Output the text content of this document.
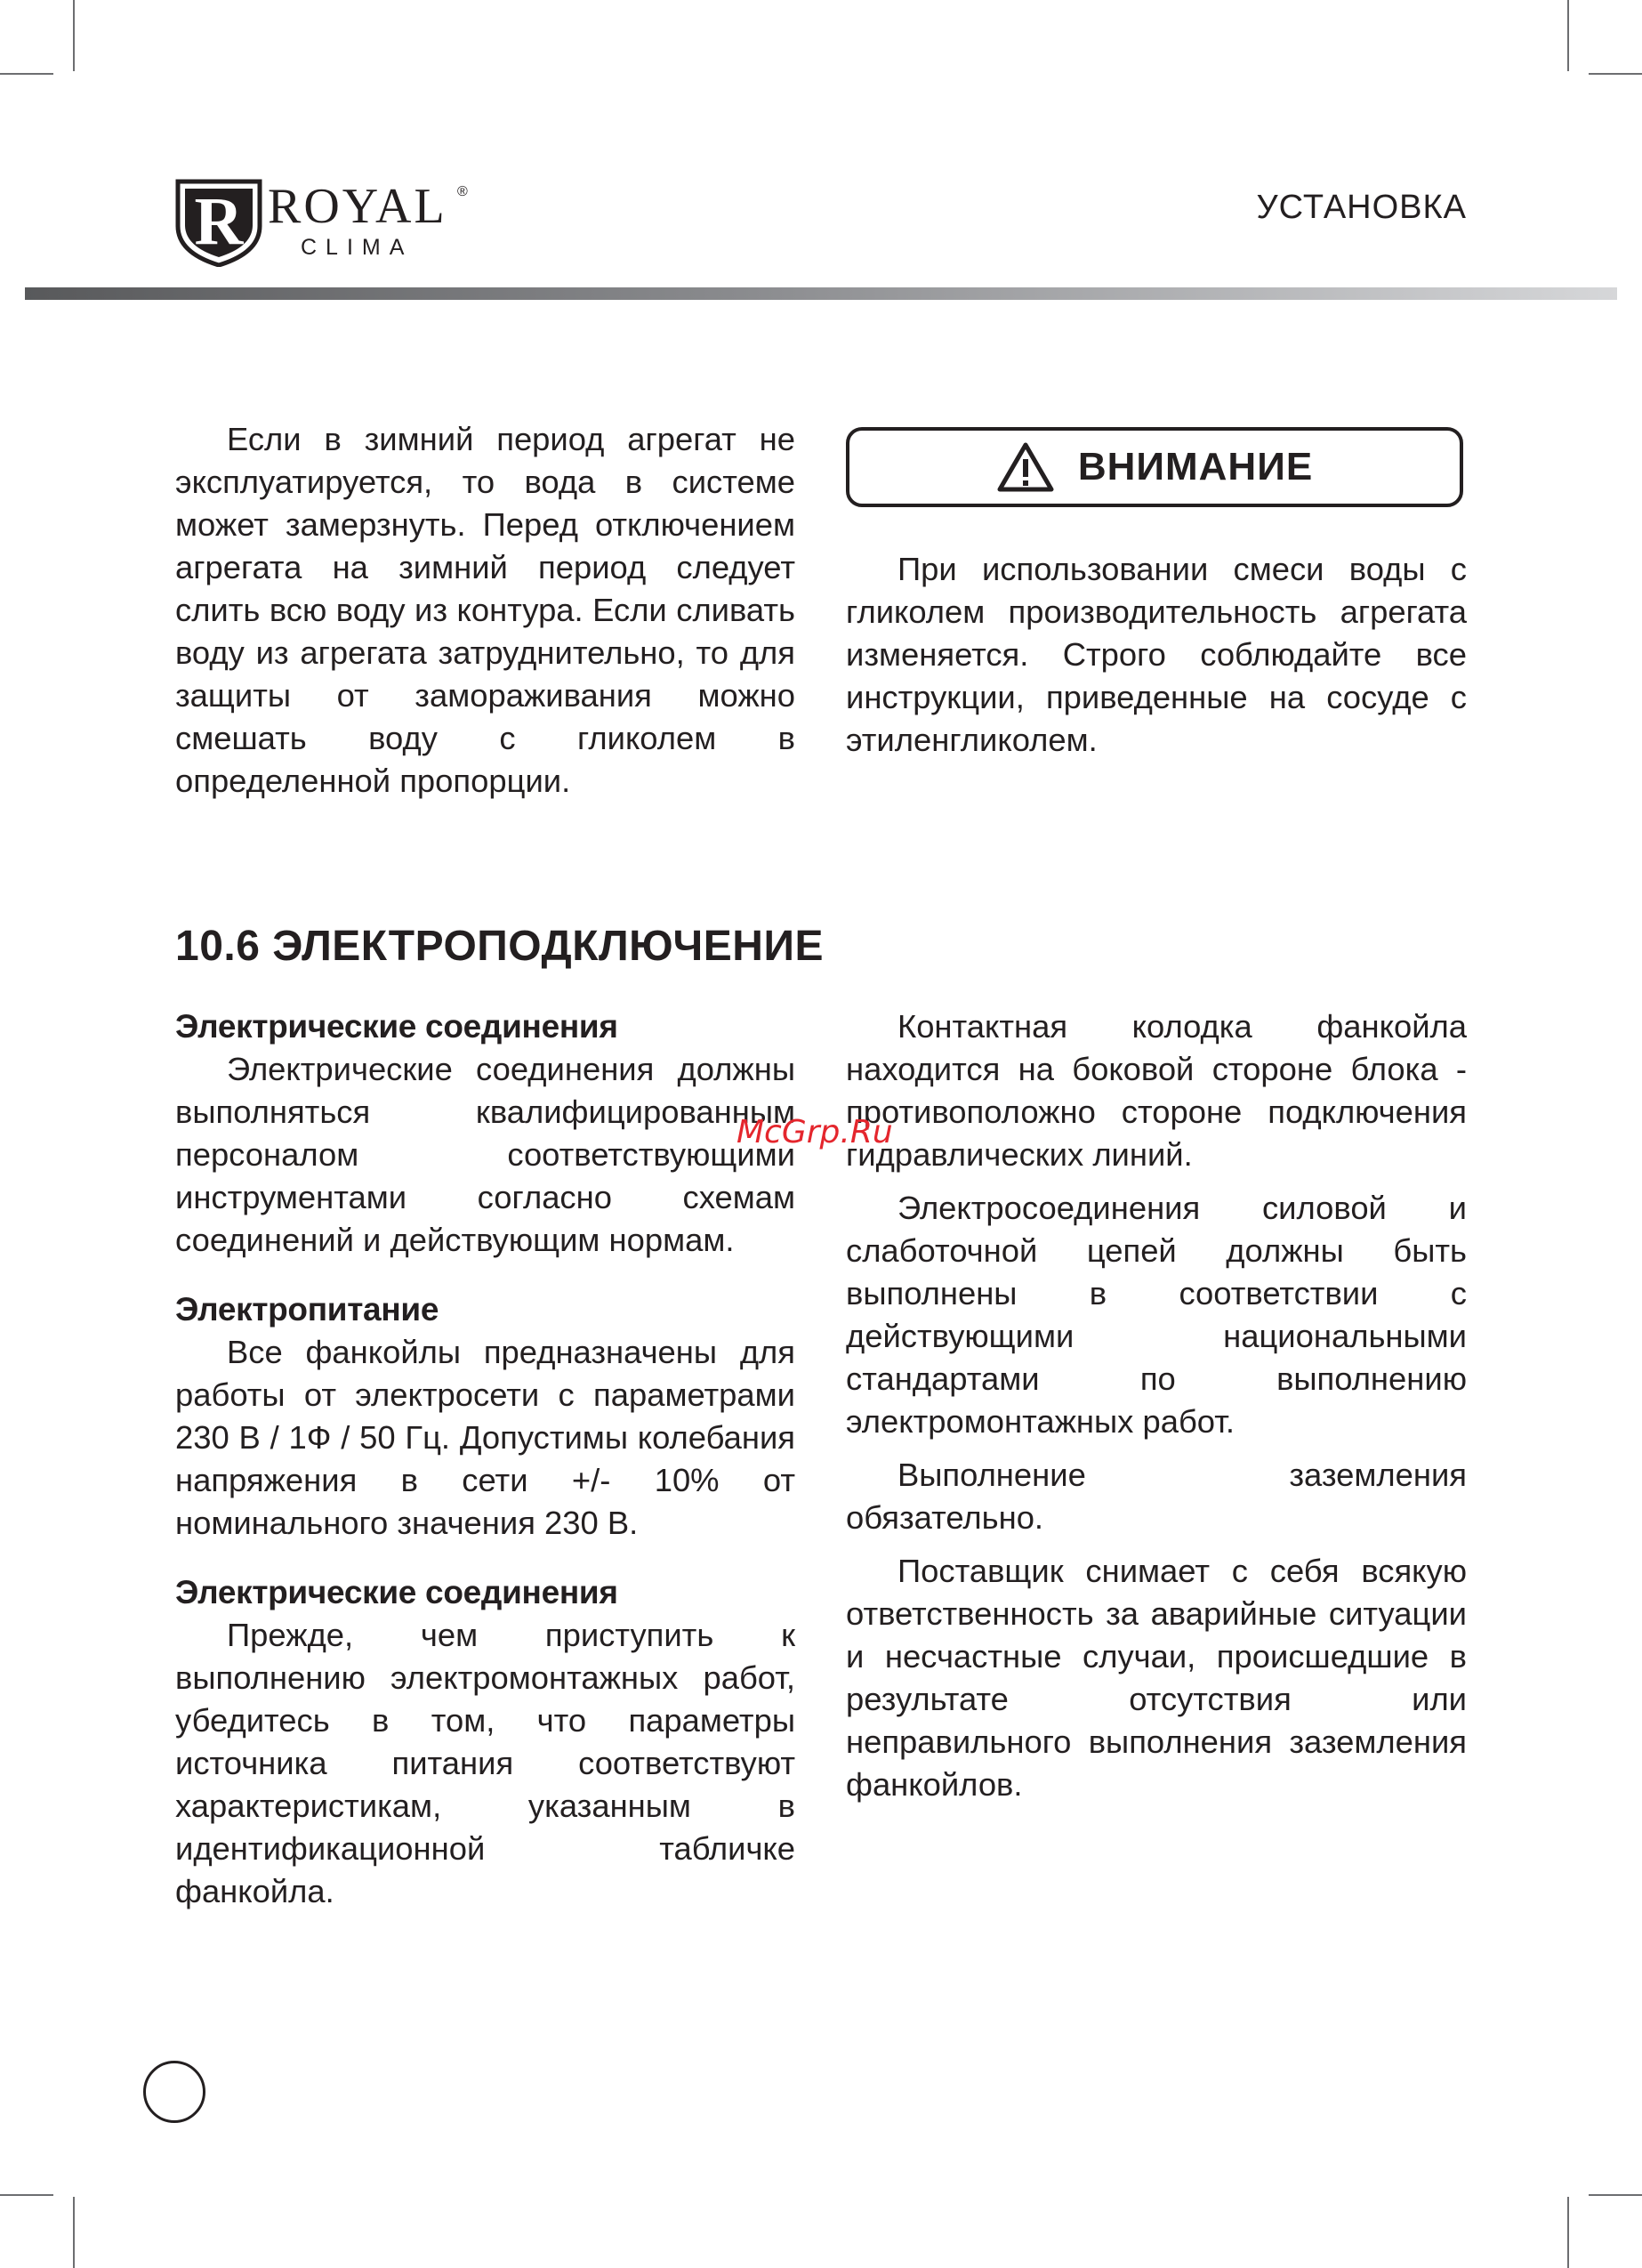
R ROYAL ®
CLIMA
УСТАНОВКА

Если в зимний период агрегат не эксплуатируется, то вода в системе может замерзнуть. Перед отключением агрегата на зимний период следует слить всю воду из контура. Если сливать воду из агрегата затруднительно, то для защиты от замораживания можно смешать воду с гликолем в определенной пропорции.

ВНИМАНИЕ

При использовании смеси воды с гликолем производительность агрегата изменяется. Строго соблюдайте все инструкции, приведенные на сосуде с этиленгликолем.

10.6 ЭЛЕКТРОПОДКЛЮЧЕНИЕ
Электрические соединения

Электрические соединения должны выполняться квалифицированным персоналом соответствующими инструментами согласно схемам соединений и действующим нормам.

Электропитание

Все фанкойлы предназначены для работы от электросети с параметрами 230 В / 1Ф / 50 Гц. Допустимы колебания напряжения в сети +/- 10% от номинального значения 230 В.

Электрические соединения

Прежде, чем приступить к выполнению электромонтажных работ, убедитесь в том, что параметры источника питания соответствуют характеристикам, указанным в идентификационной табличке фанкойла.

Контактная колодка фанкойла находится на боковой стороне блока - противоположно стороне подключения гидравлических линий.

Электросоединения силовой и слаботочной цепей должны быть выполнены в соответствии с действующими национальными стандартами по выполнению электромонтажных работ.

Выполнение заземления обязательно.

Поставщик снимает с себя всякую ответственность за аварийные ситуации и несчастные случаи, происшедшие в результате отсутствия или неправильного выполнения заземления фанкойлов.

McGrp.Ru
